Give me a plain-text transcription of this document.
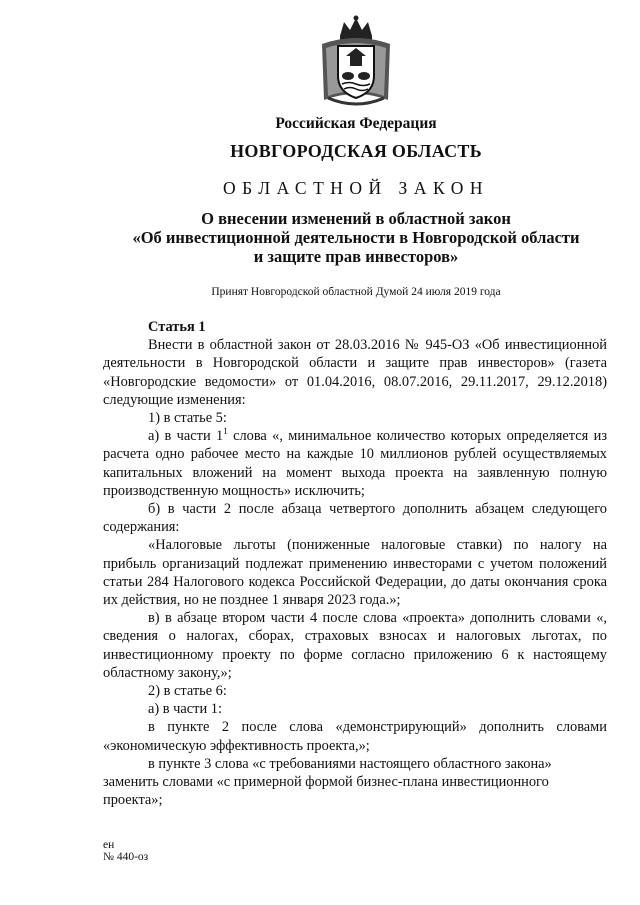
Российская Федерация
НОВГОРОДСКАЯ ОБЛАСТЬ
ОБЛАСТНОЙ ЗАКОН
О внесении изменений в областной закон
«Об инвестиционной деятельности в Новгородской области
и защите прав инвесторов»
Принят Новгородской областной Думой 24 июля 2019 года

Статья 1

Внести в областной закон от 28.03.2016 № 945-ОЗ «Об инвестиционной деятельности в Новгородской области и защите прав инвесторов» (газета «Новгородские ведомости» от 01.04.2016, 08.07.2016, 29.11.2017, 29.12.2018) следующие изменения:

1) в статье 5:

а) в части $1^1$ слова «, минимальное количество которых определяется из расчета одно рабочее место на каждые 10 миллионов рублей осуществляемых капитальных вложений на момент выхода проекта на заявленную полную производственную мощность» исключить;

б) в части 2 после абзаца четвертого дополнить абзацем следующего содержания:

«Налоговые льготы (пониженные налоговые ставки) по налогу на прибыль организаций подлежат применению инвесторами с учетом положений статьи 284 Налогового кодекса Российской Федерации, до даты окончания срока их действия, но не позднее 1 января 2023 года.»;

в) в абзаце втором части 4 после слова «проекта» дополнить словами «, сведения о налогах, сборах, страховых взносах и налоговых льготах, по инвестиционному проекту по форме согласно приложению 6 к настоящему областному закону,»;

2) в статье 6:

а) в части 1:

в пункте 2 после слова «демонстрирующий» дополнить словами «экономическую эффективность проекта,»;

в пункте 3 слова «с требованиями настоящего областного закона» заменить словами «с примерной формой бизнес-плана инвестиционного проекта»;

ен
№ 440-оз
